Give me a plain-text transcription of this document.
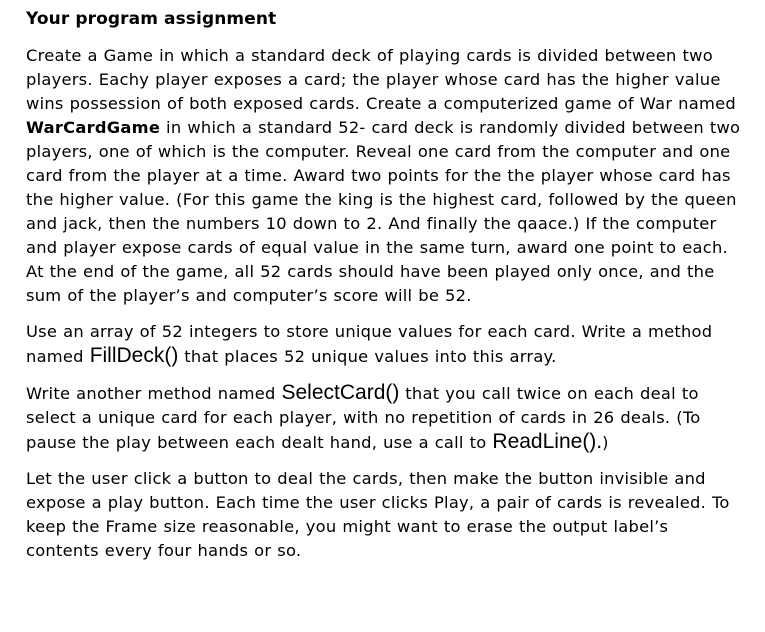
Your program assignment

Create a Game in which a standard deck of playing cards is divided between two players. Eachy player exposes a card; the player whose card has the higher value wins possession of both exposed cards. Create a computerized game of War named WarCardGame in which a standard 52- card deck is randomly divided between two players, one of which is the computer. Reveal one card from the computer and one card from the player at a time. Award two points for the the player whose card has the higher value. (For this game the king is the highest card, followed by the queen and jack, then the numbers 10 down to 2. And finally the qaace.) If the computer and player expose cards of equal value in the same turn, award one point to each. At the end of the game, all 52 cards should have been played only once, and the sum of the player’s and computer’s score will be 52.

Use an array of 52 integers to store unique values for each card. Write a method named FillDeck() that places 52 unique values into this array.

Write another method named SelectCard() that you call twice on each deal to select a unique card for each player, with no repetition of cards in 26 deals. (To pause the play between each dealt hand, use a call to ReadLine().)

Let the user click a button to deal the cards, then make the button invisible and expose a play button. Each time the user clicks Play, a pair of cards is revealed. To keep the Frame size reasonable, you might want to erase the output label’s contents every four hands or so.
